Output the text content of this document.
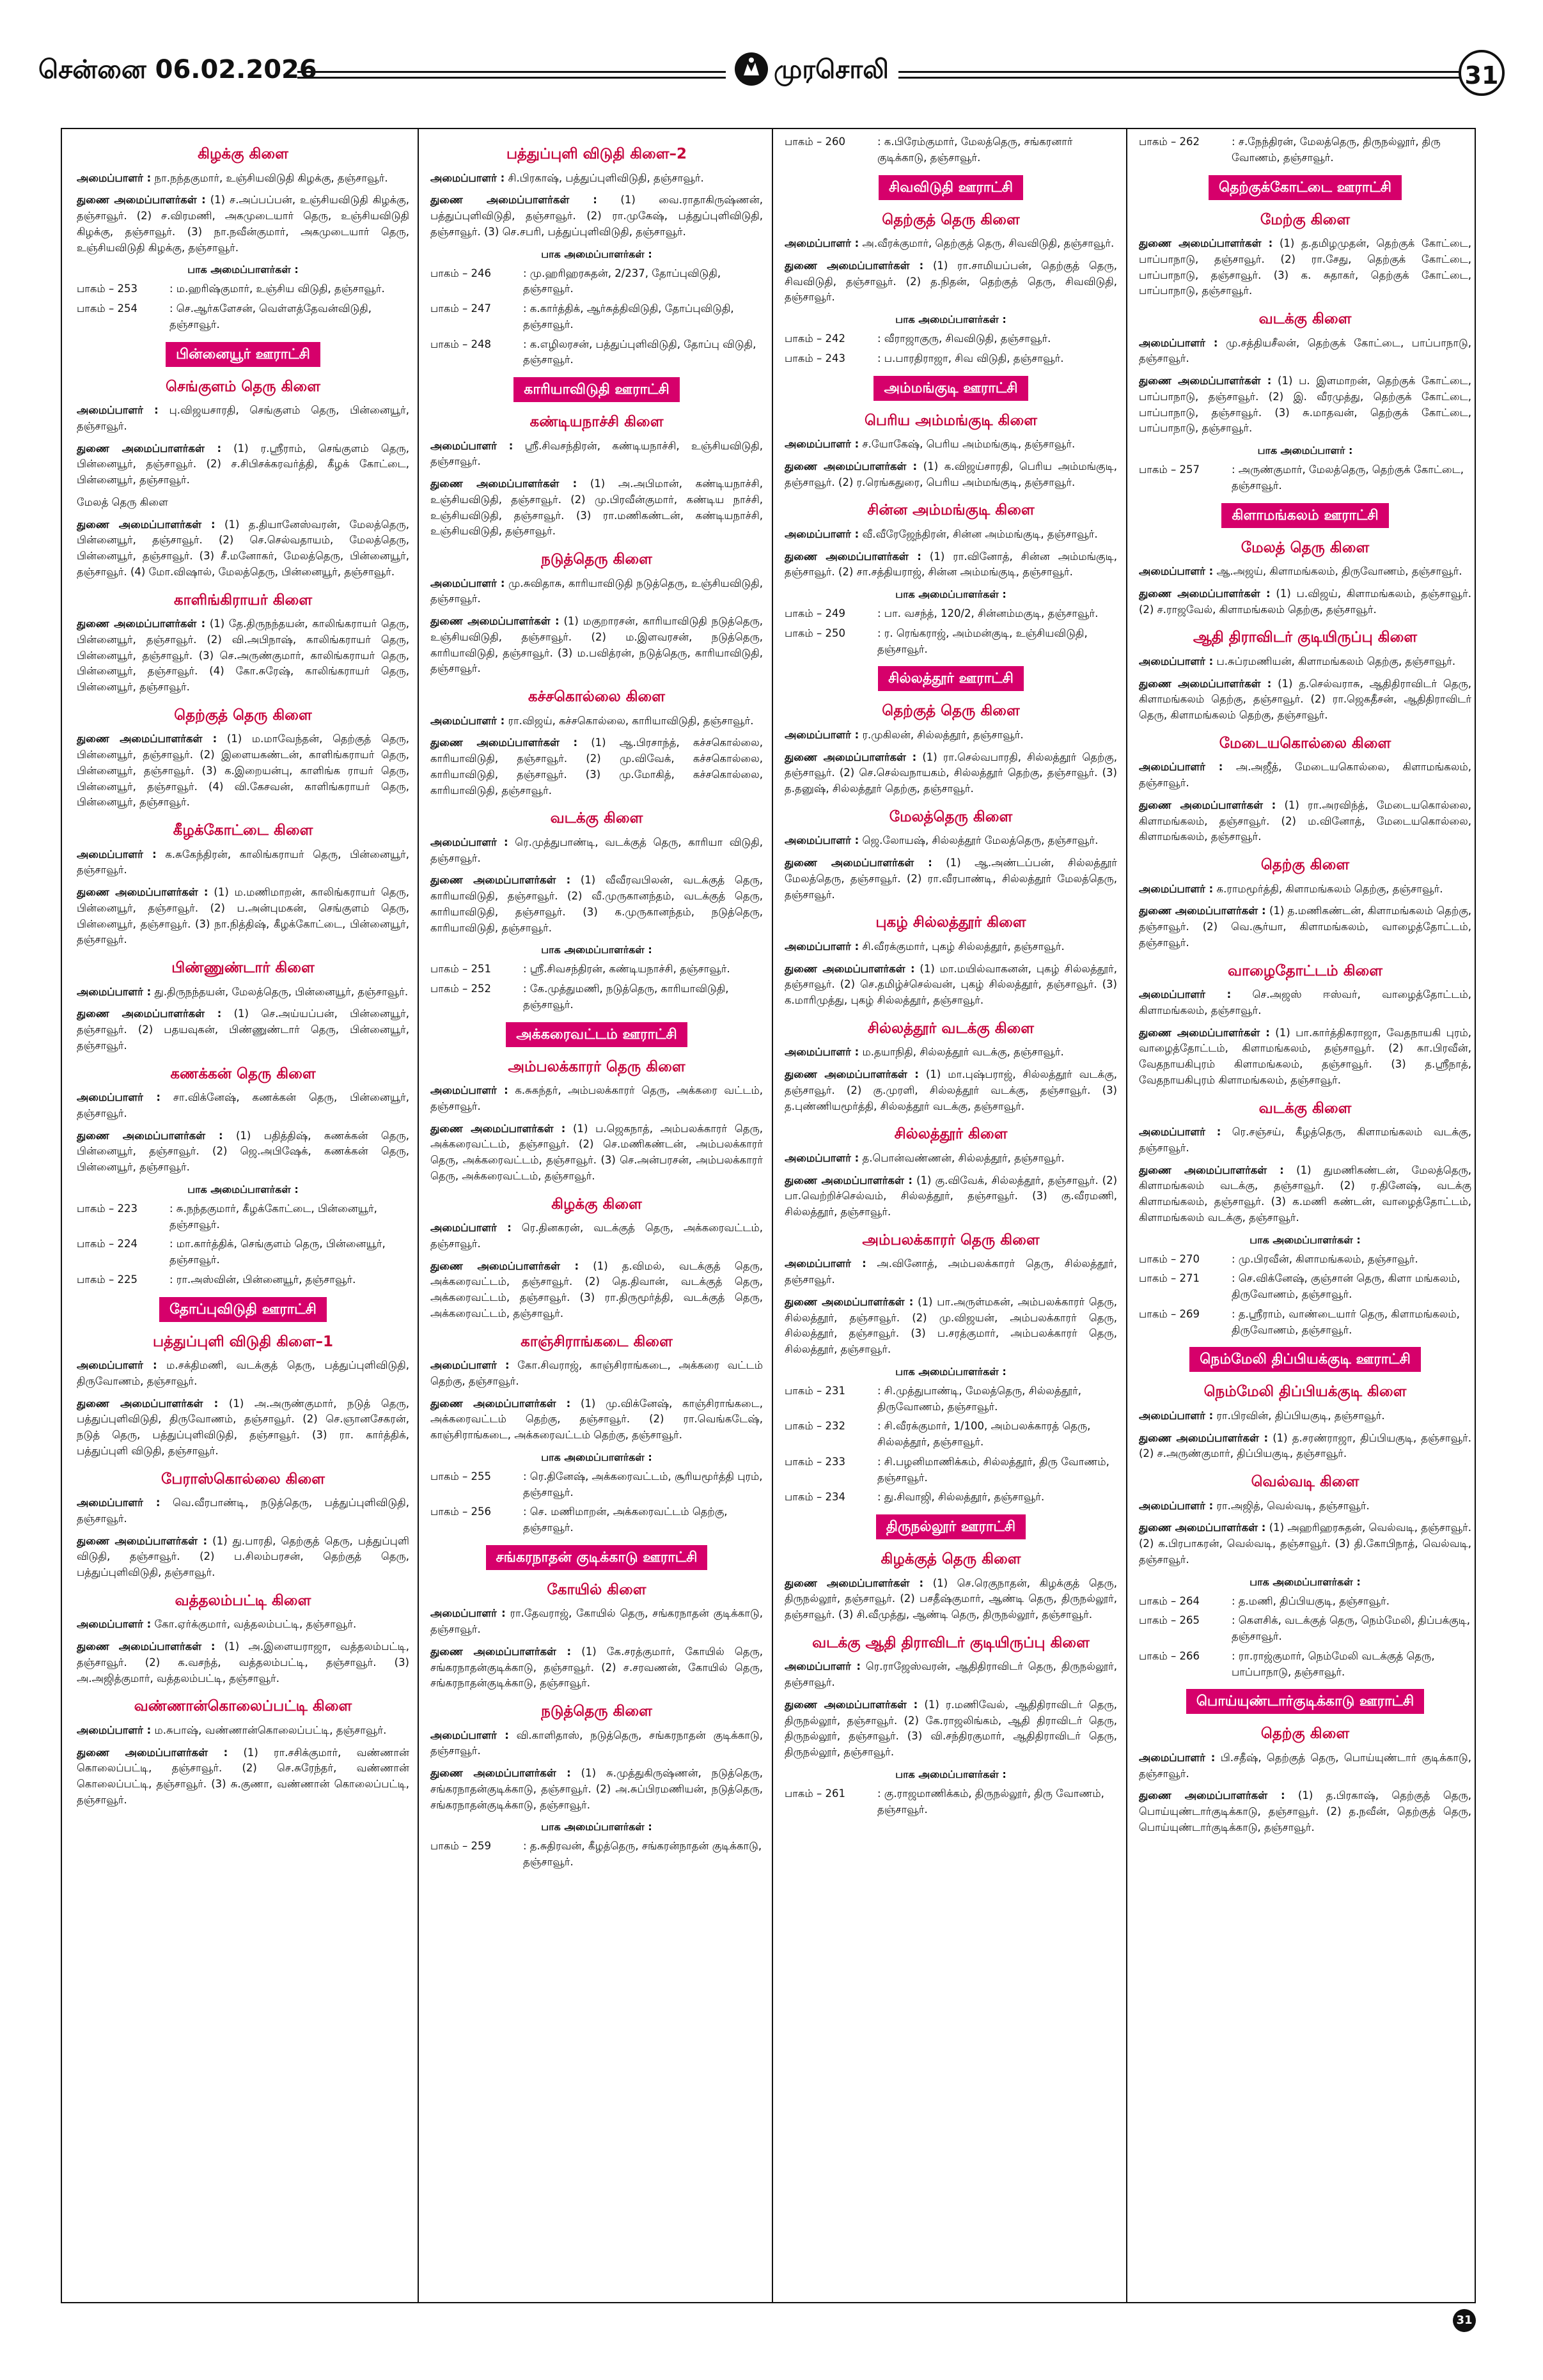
சென்னை 06.02.2026	முரசொலி	31
கிழக்கு கிளை
அமைப்பாளர் : நா.நந்தகுமார், உஞ்சியவிடுதி கிழக்கு, தஞ்சாவூர்.
துணை அமைப்பாளர்கள் : (1) ச.அப்பப்பன், உஞ்சியவிடுதி கிழக்கு, தஞ்சாவூர். (2) ச.விரமணி, அகமுடையார் தெரு, உஞ்சியவிடுதி கிழக்கு, தஞ்சாவூர். (3) நா.நவீன்குமார், அகமுடையார் தெரு, உஞ்சியவிடுதி கிழக்கு, தஞ்சாவூர்.
பாக அமைப்பாளர்கள் :
பாகம் – 253	: ம.ஹரிஷ்குமார், உஞ்சிய விடுதி, தஞ்சாவூர்.
பாகம் – 254	: செ.ஆர்களேசன், வெள்ளத்தேவன்விடுதி, தஞ்சாவூர்.
பின்னையூர் ஊராட்சி
செங்குளம் தெரு கிளை
அமைப்பாளர் : பு.விஜயசாரதி, செங்குளம் தெரு, பின்னையூர், தஞ்சாவூர்.
துணை அமைப்பாளர்கள் : (1) ர.ஸ்ரீராம், செங்குளம் தெரு, பின்னையூர், தஞ்சாவூர். (2) ச.சிபிசக்கரவர்த்தி, கீழக் கோட்டை, பின்னையூர், தஞ்சாவூர்.
மேலத் தெரு கிளை
துணை அமைப்பாளர்கள் : (1) த.தியானேஸ்வரன், மேலத்தெரு, பின்னையூர், தஞ்சாவூர். (2) செ.செல்வதாயம், மேலத்தெரு, பின்னையூர், தஞ்சாவூர். (3) சீ.மனோகர், மேலத்தெரு, பின்னையூர், தஞ்சாவூர். (4) மோ.விஷால், மேலத்தெரு, பின்னையூர், தஞ்சாவூர்.
காளிங்கிராயர் கிளை
துணை அமைப்பாளர்கள் : (1) தே.திருநந்தயன், காலிங்கராயர் தெரு, பின்னையூர், தஞ்சாவூர். (2) வி.அபிநாஷ், காலிங்கராயர் தெரு, பின்னையூர், தஞ்சாவூர். (3) செ.அருண்குமார், காலிங்கராயர் தெரு, பின்னையூர், தஞ்சாவூர். (4) கோ.சுரேஷ், காலிங்கராயர் தெரு, பின்னையூர், தஞ்சாவூர்.
தெற்குத் தெரு கிளை
துணை அமைப்பாளர்கள் : (1) ம.மாவேந்தன், தெற்குத் தெரு, பின்னையூர், தஞ்சாவூர். (2) இளையகண்டன், காளிங்கராயர் தெரு, பின்னையூர், தஞ்சாவூர். (3) க.இறையன்பு, காளிங்க ராயர் தெரு, பின்னையூர், தஞ்சாவூர். (4) வி.கேசவன், காளிங்கராயர் தெரு, பின்னையூர், தஞ்சாவூர்.
கீழக்கோட்டை கிளை
அமைப்பாளர் : க.சுகேந்திரன், காலிங்கராயர் தெரு, பின்னையூர், தஞ்சாவூர்.
துணை அமைப்பாளர்கள் : (1) ம.மணிமாறன், காலிங்கராயர் தெரு, பின்னையூர், தஞ்சாவூர். (2) ப.அன்புமகன், செங்குளம் தெரு, பின்னையூர், தஞ்சாவூர். (3) நா.நித்திஷ், கீழக்கோட்டை, பின்னையூர், தஞ்சாவூர்.
பிண்ணுண்டார் கிளை
அமைப்பாளர் : து.திருநந்தயன், மேலத்தெரு, பின்னையூர், தஞ்சாவூர்.
துணை அமைப்பாளர்கள் : (1) செ.அய்யப்பன், பின்னையூர், தஞ்சாவூர். (2) பதயவுகன், பிண்ணுண்டார் தெரு, பின்னையூர், தஞ்சாவூர்.
கணக்கன் தெரு கிளை
அமைப்பாளர் : சா.விக்னேஷ், கணக்கன் தெரு, பின்னையூர், தஞ்சாவூர்.
துணை அமைப்பாளர்கள் : (1) பதித்திஷ், கணக்கன் தெரு, பின்னையூர், தஞ்சாவூர். (2) ஜெ.அபிஷேக், கணக்கன் தெரு, பின்னையூர், தஞ்சாவூர்.
பாக அமைப்பாளர்கள் :
பாகம் – 223	: சு.நந்தகுமார், கீழக்கோட்டை, பின்னையூர், தஞ்சாவூர்.
பாகம் – 224	: மா.கார்த்திக், செங்குளம் தெரு, பின்னையூர், தஞ்சாவூர்.
பாகம் – 225	: ரா.அஸ்வின், பின்னையூர், தஞ்சாவூர்.
தோப்புவிடுதி ஊராட்சி
பத்துப்புளி விடுதி கிளை–1
அமைப்பாளர் : ம.சக்திமணி, வடக்குத் தெரு, பத்துப்புளிவிடுதி, திருவோணம், தஞ்சாவூர்.
துணை அமைப்பாளர்கள் : (1) அ.அருண்குமார், நடுத் தெரு, பத்துப்புளிவிடுதி, திருவோணம், தஞ்சாவூர். (2) செ.ஞானசேகரன், நடுத் தெரு, பத்துப்புளிவிடுதி, தஞ்சாவூர். (3) ரா. கார்த்திக், பத்துப்புளி விடுதி, தஞ்சாவூர்.
பேராஸ்கொல்லை கிளை
அமைப்பாளர் : வெ.வீரபாண்டி, நடுத்தெரு, பத்துப்புளிவிடுதி, தஞ்சாவூர்.
துணை அமைப்பாளர்கள் : (1) து.பாரதி, தெற்குத் தெரு, பத்துப்புளி விடுதி, தஞ்சாவூர். (2) ப.சிலம்பரசன், தெற்குத் தெரு, பத்துப்புளிவிடுதி, தஞ்சாவூர்.
வத்தலம்பட்டி கிளை
அமைப்பாளர் : கோ.ஏர்க்குமார், வத்தலம்பட்டி, தஞ்சாவூர்.
துணை அமைப்பாளர்கள் : (1) அ.இளையராஜா, வத்தலம்பட்டி, தஞ்சாவூர். (2) க.வசந்த், வத்தலம்பட்டி, தஞ்சாவூர். (3) அ.அஜித்குமார், வத்தலம்பட்டி, தஞ்சாவூர்.
வண்ணான்கொலைப்பட்டி கிளை
அமைப்பாளர் : ம.சுபாஷ், வண்ணான்கொலைப்பட்டி, தஞ்சாவூர்.
துணை அமைப்பாளர்கள் : (1) ரா.சசிக்குமார், வண்ணான் கொலைப்பட்டி, தஞ்சாவூர். (2) செ.சுரேந்தர், வண்ணான் கொலைப்பட்டி, தஞ்சாவூர். (3) சு.குணா, வண்ணான் கொலைப்பட்டி, தஞ்சாவூர்.
பத்துப்புளி விடுதி கிளை–2
அமைப்பாளர் : சி.பிரகாஷ், பத்துப்புளிவிடுதி, தஞ்சாவூர்.
துணை அமைப்பாளர்கள் : (1) வை.ராதாகிருஷ்ணன், பத்துப்புளிவிடுதி, தஞ்சாவூர். (2) ரா.முகேஷ், பத்துப்புளிவிடுதி, தஞ்சாவூர். (3) செ.சபரி, பத்துப்புளிவிடுதி, தஞ்சாவூர்.
பாக அமைப்பாளர்கள் :
பாகம் – 246	: மு.ஹரிஹரசுதன், 2/237, தோப்புவிடுதி, தஞ்சாவூர்.
பாகம் – 247	: க.கார்த்திக், ஆர்சுத்திவிடுதி, தோப்புவிடுதி, தஞ்சாவூர்.
பாகம் – 248	: க.எழிலரசன், பத்துப்புளிவிடுதி, தோப்பு விடுதி, தஞ்சாவூர்.
காரியாவிடுதி ஊராட்சி
கண்டியநாச்சி கிளை
அமைப்பாளர் : ஸ்ரீ.சிவசந்திரன், கண்டியநாச்சி, உஞ்சியவிடுதி, தஞ்சாவூர்.
துணை அமைப்பாளர்கள் : (1) அ.அபிமான், கண்டியநாச்சி, உஞ்சியவிடுதி, தஞ்சாவூர். (2) மு.பிரவீன்குமார், கண்டிய நாச்சி, உஞ்சியவிடுதி, தஞ்சாவூர். (3) ரா.மணிகண்டன், கண்டியநாச்சி, உஞ்சியவிடுதி, தஞ்சாவூர்.
நடுத்தெரு கிளை
அமைப்பாளர் : மு.சுவிதாசு, காரியாவிடுதி நடுத்தெரு, உஞ்சியவிடுதி, தஞ்சாவூர்.
துணை அமைப்பாளர்கள் : (1) மகுறாரசன், காரியாவிடுதி நடுத்தெரு, உஞ்சியவிடுதி, தஞ்சாவூர். (2) ம.இளவரசன், நடுத்தெரு, காரியாவிடுதி, தஞ்சாவூர். (3) ம.பவித்ரன், நடுத்தெரு, காரியாவிடுதி, தஞ்சாவூர்.
கச்சகொல்லை கிளை
அமைப்பாளர் : ரா.விஜய், கச்சகொல்லை, காரியாவிடுதி, தஞ்சாவூர்.
துணை அமைப்பாளர்கள் : (1) ஆ.பிரசாந்த், கச்சகொல்லை, காரியாவிடுதி, தஞ்சாவூர். (2) மு.விவேக், கச்சகொல்லை, காரியாவிடுதி, தஞ்சாவூர். (3) மு.மோகித், கச்சகொல்லை, காரியாவிடுதி, தஞ்சாவூர்.
வடக்கு கிளை
அமைப்பாளர் : ரெ.முத்துபாண்டி, வடக்குத் தெரு, காரியா விடுதி, தஞ்சாவூர்.
துணை அமைப்பாளர்கள் : (1) வீவீரவபிலன், வடக்குத் தெரு, காரியாவிடுதி, தஞ்சாவூர். (2) வீ.முருகானந்தம், வடக்குத் தெரு, காரியாவிடுதி, தஞ்சாவூர். (3) க.முருகானந்தம், நடுத்தெரு, காரியாவிடுதி, தஞ்சாவூர்.
பாக அமைப்பாளர்கள் :
பாகம் – 251	: ஸ்ரீ.சிவசந்திரன், கண்டியநாச்சி, தஞ்சாவூர்.
பாகம் – 252	: கே.முத்துமணி, நடுத்தெரு, காரியாவிடுதி, தஞ்சாவூர்.
அக்கரைவட்டம் ஊராட்சி
அம்பலக்காரர் தெரு கிளை
அமைப்பாளர் : க.சுகந்தர், அம்பலக்காரர் தெரு, அக்கரை வட்டம், தஞ்சாவூர்.
துணை அமைப்பாளர்கள் : (1) ப.ஜெகநாத், அம்பலக்காரர் தெரு, அக்கரைவட்டம், தஞ்சாவூர். (2) செ.மணிகண்டன், அம்பலக்காரர் தெரு, அக்கரைவட்டம், தஞ்சாவூர். (3) செ.அன்பரசன், அம்பலக்காரர் தெரு, அக்கரைவட்டம், தஞ்சாவூர்.
கிழக்கு கிளை
அமைப்பாளர் : ரெ.தினகரன், வடக்குத் தெரு, அக்கரைவட்டம், தஞ்சாவூர்.
துணை அமைப்பாளர்கள் : (1) த.விமல், வடக்குத் தெரு, அக்கரைவட்டம், தஞ்சாவூர். (2) தெ.திவான், வடக்குத் தெரு, அக்கரைவட்டம், தஞ்சாவூர். (3) ரா.திருமூர்த்தி, வடக்குத் தெரு, அக்கரைவட்டம், தஞ்சாவூர்.
காஞ்சிராங்கடை கிளை
அமைப்பாளர் : கோ.சிவராஜ், காஞ்சிராங்கடை, அக்கரை வட்டம் தெற்கு, தஞ்சாவூர்.
துணை அமைப்பாளர்கள் : (1) மு.விக்னேஷ், காஞ்சிராங்கடை, அக்கரைவட்டம் தெற்கு, தஞ்சாவூர். (2) ரா.வெங்கடேஷ், காஞ்சிராங்கடை, அக்கரைவட்டம் தெற்கு, தஞ்சாவூர்.
பாக அமைப்பாளர்கள் :
பாகம் – 255	: ரெ.தினேஷ், அக்கரைவட்டம், சூரியமூர்த்தி புரம், தஞ்சாவூர்.
பாகம் – 256	: செ. மணிமாறன், அக்கரைவட்டம் தெற்கு, தஞ்சாவூர்.
சங்கரநாதன் குடிக்காடு ஊராட்சி
கோயில் கிளை
அமைப்பாளர் : ரா.தேவராஜ், கோயில் தெரு, சங்கரநாதன் குடிக்காடு, தஞ்சாவூர்.
துணை அமைப்பாளர்கள் : (1) கே.சரத்குமார், கோயில் தெரு, சங்கரநாதன்குடிக்காடு, தஞ்சாவூர். (2) ச.சரவணன், கோயில் தெரு, சங்கரநாதன்குடிக்காடு, தஞ்சாவூர்.
நடுத்தெரு கிளை
அமைப்பாளர் : வி.காளிதாஸ், நடுத்தெரு, சங்கரநாதன் குடிக்காடு, தஞ்சாவூர்.
துணை அமைப்பாளர்கள் : (1) சு.முத்துகிருஷ்ணன், நடுத்தெரு, சங்கரநாதன்குடிக்காடு, தஞ்சாவூர். (2) அ.சுப்பிரமணியன், நடுத்தெரு, சங்கரநாதன்குடிக்காடு, தஞ்சாவூர்.
பாக அமைப்பாளர்கள் :
பாகம் – 259	: த.சுதிரவன், கீழத்தெரு, சங்கரன்நாதன் குடிக்காடு, தஞ்சாவூர்.
பாகம் – 260	: க.பிரேம்குமார், மேலத்தெரு, சங்கரனார் குடிக்காடு, தஞ்சாவூர்.
சிவவிடுதி ஊராட்சி
தெற்குத் தெரு கிளை
அமைப்பாளர் : அ.வீரக்குமார், தெற்குத் தெரு, சிவவிடுதி, தஞ்சாவூர்.
துணை அமைப்பாளர்கள் : (1) ரா.சாமியப்பன், தெற்குத் தெரு, சிவவிடுதி, தஞ்சாவூர். (2) த.நிதன், தெற்குத் தெரு, சிவவிடுதி, தஞ்சாவூர்.
பாக அமைப்பாளர்கள் :
பாகம் – 242	: வீராஜாகுரு, சிவவிடுதி, தஞ்சாவூர்.
பாகம் – 243	: ப.பாரதிராஜா, சிவ விடுதி, தஞ்சாவூர்.
அம்மங்குடி ஊராட்சி
பெரிய அம்மங்குடி கிளை
அமைப்பாளர் : ச.யோகேஷ், பெரிய அம்மங்குடி, தஞ்சாவூர்.
துணை அமைப்பாளர்கள் : (1) க.விஜய்சாரதி, பெரிய அம்மங்குடி, தஞ்சாவூர். (2) ர.ரெங்கதுரை, பெரிய அம்மங்குடி, தஞ்சாவூர்.
சின்ன அம்மங்குடி கிளை
அமைப்பாளர் : வீ.வீரேஜேந்திரன், சின்ன அம்மங்குடி, தஞ்சாவூர்.
துணை அமைப்பாளர்கள் : (1) ரா.வினோத், சின்ன அம்மங்குடி, தஞ்சாவூர். (2) சா.சத்தியராஜ், சின்ன அம்மங்குடி, தஞ்சாவூர்.
பாக அமைப்பாளர்கள் :
பாகம் – 249	: பா. வசந்த், 120/2, சின்னம்மகுடி, தஞ்சாவூர்.
பாகம் – 250	: ர. ரெங்கராஜ், அம்மன்குடி, உஞ்சியவிடுதி, தஞ்சாவூர்.
சில்லத்தூர் ஊராட்சி
தெற்குத் தெரு கிளை
அமைப்பாளர் : ர.முகிலன், சில்லத்தூர், தஞ்சாவூர்.
துணை அமைப்பாளர்கள் : (1) ரா.செல்வபாரதி, சில்லத்தூர் தெற்கு, தஞ்சாவூர். (2) செ.செல்வநாயகம், சில்லத்தூர் தெற்கு, தஞ்சாவூர். (3) த.தனுஷ், சில்லத்தூர் தெற்கு, தஞ்சாவூர்.
மேலத்தெரு கிளை
அமைப்பாளர் : ஜெ.லோயஷ், சில்லத்தூர் மேலத்தெரு, தஞ்சாவூர்.
துணை அமைப்பாளர்கள் : (1) ஆ.அண்டப்பன், சில்லத்தூர் மேலத்தெரு, தஞ்சாவூர். (2) ரா.வீரபாண்டி, சில்லத்தூர் மேலத்தெரு, தஞ்சாவூர்.
புகழ் சில்லத்தூர் கிளை
அமைப்பாளர் : சி.வீரக்குமார், புகழ் சில்லத்தூர், தஞ்சாவூர்.
துணை அமைப்பாளர்கள் : (1) மா.மயில்வாகனன், புகழ் சில்லத்தூர், தஞ்சாவூர். (2) செ.தமிழ்ச்செல்வன், புகழ் சில்லத்தூர், தஞ்சாவூர். (3) க.மாரிமுத்து, புகழ் சில்லத்தூர், தஞ்சாவூர்.
சில்லத்தூர் வடக்கு கிளை
அமைப்பாளர் : ம.தயாநிதி, சில்லத்தூர் வடக்கு, தஞ்சாவூர்.
துணை அமைப்பாளர்கள் : (1) மா.புஷ்பராஜ், சில்லத்தூர் வடக்கு, தஞ்சாவூர். (2) கு.முரளி, சில்லத்தூர் வடக்கு, தஞ்சாவூர். (3) த.புண்ணியமூர்த்தி, சில்லத்தூர் வடக்கு, தஞ்சாவூர்.
சில்லத்தூர் கிளை
அமைப்பாளர் : த.பொன்வண்ணன், சில்லத்தூர், தஞ்சாவூர்.
துணை அமைப்பாளர்கள் : (1) கு.விவேக், சில்லத்தூர், தஞ்சாவூர். (2) பா.வெற்றிச்செல்வம், சில்லத்தூர், தஞ்சாவூர். (3) கு.வீரமணி, சில்லத்தூர், தஞ்சாவூர்.
அம்பலக்காரர் தெரு கிளை
அமைப்பாளர் : அ.வினோத், அம்பலக்காரர் தெரு, சில்லத்தூர், தஞ்சாவூர்.
துணை அமைப்பாளர்கள் : (1) பா.அருள்மகன், அம்பலக்காரர் தெரு, சில்லத்தூர், தஞ்சாவூர். (2) மு.விஜயன், அம்பலக்காரர் தெரு, சில்லத்தூர், தஞ்சாவூர். (3) ப.சரத்குமார், அம்பலக்காரர் தெரு, சில்லத்தூர், தஞ்சாவூர்.
பாக அமைப்பாளர்கள் :
பாகம் – 231	: சி.முத்துபாண்டி, மேலத்தெரு, சில்லத்தூர், திருவோணம், தஞ்சாவூர்.
பாகம் – 232	: சி.வீரக்குமார், 1/100, அம்பலக்காரத் தெரு, சில்லத்தூர், தஞ்சாவூர்.
பாகம் – 233	: சி.பழனிமாணிக்கம், சில்லத்தூர், திரு வோணம், தஞ்சாவூர்.
பாகம் – 234	: து.சிவாஜி, சில்லத்தூர், தஞ்சாவூர்.
திருநல்லூர் ஊராட்சி
கிழக்குத் தெரு கிளை
துணை அமைப்பாளர்கள் : (1) செ.ரெகுநாதன், கிழக்குத் தெரு, திருநல்லூர், தஞ்சாவூர். (2) பசதீஷ்குமார், ஆண்டி தெரு, திருநல்லூர், தஞ்சாவூர். (3) சி.வீமுத்து, ஆண்டி தெரு, திருநல்லூர், தஞ்சாவூர்.
வடக்கு ஆதி திராவிடர் குடியிருப்பு கிளை
அமைப்பாளர் : ரெ.ராஜேஸ்வரன், ஆதிதிராவிடர் தெரு, திருநல்லூர், தஞ்சாவூர்.
துணை அமைப்பாளர்கள் : (1) ர.மணிவேல், ஆதிதிராவிடர் தெரு, திருநல்லூர், தஞ்சாவூர். (2) கே.ராஜலிங்கம், ஆதி திராவிடர் தெரு, திருநல்லூர், தஞ்சாவூர். (3) வி.சந்திரகுமார், ஆதிதிராவிடர் தெரு, திருநல்லூர், தஞ்சாவூர்.
பாக அமைப்பாளர்கள் :
பாகம் – 261	: கு.ராஜமாணிக்கம், திருநல்லூர், திரு வோணம், தஞ்சாவூர்.
பாகம் – 262	: ச.நேந்திரன், மேலத்தெரு, திருநல்லூர், திரு வோணம், தஞ்சாவூர்.
தெற்குக்கோட்டை ஊராட்சி
மேற்கு கிளை
துணை அமைப்பாளர்கள் : (1) த.தமிழமுதன், தெற்குக் கோட்டை, பாப்பாநாடு, தஞ்சாவூர். (2) ரா.சேது, தெற்குக் கோட்டை, பாப்பாநாடு, தஞ்சாவூர். (3) க. சுதாகர், தெற்குக் கோட்டை, பாப்பாநாடு, தஞ்சாவூர்.
வடக்கு கிளை
அமைப்பாளர் : மு.சத்தியசீலன், தெற்குக் கோட்டை, பாப்பாநாடு, தஞ்சாவூர்.
துணை அமைப்பாளர்கள் : (1) ப. இளமாறன், தெற்குக் கோட்டை, பாப்பாநாடு, தஞ்சாவூர். (2) இ. வீரமுத்து, தெற்குக் கோட்டை, பாப்பாநாடு, தஞ்சாவூர். (3) சு.மாதவன், தெற்குக் கோட்டை, பாப்பாநாடு, தஞ்சாவூர்.
பாக அமைப்பாளர் :
பாகம் – 257	: அருண்குமார், மேலத்தெரு, தெற்குக் கோட்டை, தஞ்சாவூர்.
கிளாமங்கலம் ஊராட்சி
மேலத் தெரு கிளை
அமைப்பாளர் : ஆ.அஜய், கிளாமங்கலம், திருவோணம், தஞ்சாவூர்.
துணை அமைப்பாளர்கள் : (1) ப.விஜய், கிளாமங்கலம், தஞ்சாவூர். (2) ச.ராஜவேல், கிளாமங்கலம் தெற்கு, தஞ்சாவூர்.
ஆதி திராவிடர் குடியிருப்பு கிளை
அமைப்பாளர் : ப.சுப்ரமணியன், கிளாமங்கலம் தெற்கு, தஞ்சாவூர்.
துணை அமைப்பாளர்கள் : (1) த.செல்வராசு, ஆதிதிராவிடர் தெரு, கிளாமங்கலம் தெற்கு, தஞ்சாவூர். (2) ரா.ஜெகதீசன், ஆதிதிராவிடர் தெரு, கிளாமங்கலம் தெற்கு, தஞ்சாவூர்.
மேடையகொல்லை கிளை
அமைப்பாளர் : அ.அஜீத், மேடையகொல்லை, கிளாமங்கலம், தஞ்சாவூர்.
துணை அமைப்பாளர்கள் : (1) ரா.அரவிந்த், மேடையகொல்லை, கிளாமங்கலம், தஞ்சாவூர். (2) ம.வினோத், மேடையகொல்லை, கிளாமங்கலம், தஞ்சாவூர்.
தெற்கு கிளை
அமைப்பாளர் : க.ராமமூர்த்தி, கிளாமங்கலம் தெற்கு, தஞ்சாவூர்.
துணை அமைப்பாளர்கள் : (1) த.மணிகண்டன், கிளாமங்கலம் தெற்கு, தஞ்சாவூர். (2) வெ.சூர்யா, கிளாமங்கலம், வாழைத்தோட்டம், தஞ்சாவூர்.
வாழைதோட்டம் கிளை
அமைப்பாளர் : செ.அஜஸ் ஈஸ்வர், வாழைத்தோட்டம், கிளாமங்கலம், தஞ்சாவூர்.
துணை அமைப்பாளர்கள் : (1) பா.கார்த்திகராஜா, வேதநாயகி புரம், வாழைத்தோட்டம், கிளாமங்கலம், தஞ்சாவூர். (2) கா.பிரவீன், வேதநாயகிபுரம் கிளாமங்கலம், தஞ்சாவூர். (3) த.ஸ்ரீநாத், வேதநாயகிபுரம் கிளாமங்கலம், தஞ்சாவூர்.
வடக்கு கிளை
அமைப்பாளர் : ரெ.சஞ்சய், கீழத்தெரு, கிளாமங்கலம் வடக்கு, தஞ்சாவூர்.
துணை அமைப்பாளர்கள் : (1) துமணிகண்டன், மேலத்தெரு, கிளாமங்கலம் வடக்கு, தஞ்சாவூர். (2) ர.தினேஷ், வடக்கு கிளாமங்கலம், தஞ்சாவூர். (3) க.மணி கண்டன், வாழைத்தோட்டம், கிளாமங்கலம் வடக்கு, தஞ்சாவூர்.
பாக அமைப்பாளர்கள் :
பாகம் – 270	: மு.பிரவீன், கிளாமங்கலம், தஞ்சாவூர்.
பாகம் – 271	: செ.விக்னேஷ், குஞ்சான் தெரு, கிளா மங்கலம், திருவோணம், தஞ்சாவூர்.
பாகம் – 269	: த.ஸ்ரீராம், வாண்டையார் தெரு, கிளாமங்கலம், திருவோணம், தஞ்சாவூர்.
நெம்மேலி திப்பியக்குடி ஊராட்சி
நெம்மேலி திப்பியக்குடி கிளை
அமைப்பாளர் : ரா.பிரவின், திப்பியகுடி, தஞ்சாவூர்.
துணை அமைப்பாளர்கள் : (1) த.சரண்ராஜா, திப்பியகுடி, தஞ்சாவூர். (2) ச.அருண்குமார், திப்பியகுடி, தஞ்சாவூர்.
வெல்வடி கிளை
அமைப்பாளர் : ரா.அஜித், வெல்வடி, தஞ்சாவூர்.
துணை அமைப்பாளர்கள் : (1) அஹரிஹரசுதன், வெல்வடி, தஞ்சாவூர். (2) க.பிரபாகரன், வெல்வடி, தஞ்சாவூர். (3) தி.கோபிநாத், வெல்வடி, தஞ்சாவூர்.
பாக அமைப்பாளர்கள் :
பாகம் – 264	: த.மணி, திப்பியகுடி, தஞ்சாவூர்.
பாகம் – 265	: கௌசிக், வடக்குத் தெரு, நெம்மேலி, திப்பக்குடி, தஞ்சாவூர்.
பாகம் – 266	: ரா.ராஜ்குமார், நெம்மேலி வடக்குத் தெரு, பாப்பாநாடு, தஞ்சாவூர்.
பொய்யுண்டார்குடிக்காடு ஊராட்சி
தெற்கு கிளை
அமைப்பாளர் : பி.சதீஷ், தெற்குத் தெரு, பொய்யுண்டார் குடிக்காடு, தஞ்சாவூர்.
துணை அமைப்பாளர்கள் : (1) த.பிரகாஷ், தெற்குத் தெரு, பொய்யுண்டார்குடிக்காடு, தஞ்சாவூர். (2) த.நவீன், தெற்குத் தெரு, பொய்யுண்டார்குடிக்காடு, தஞ்சாவூர்.
31
